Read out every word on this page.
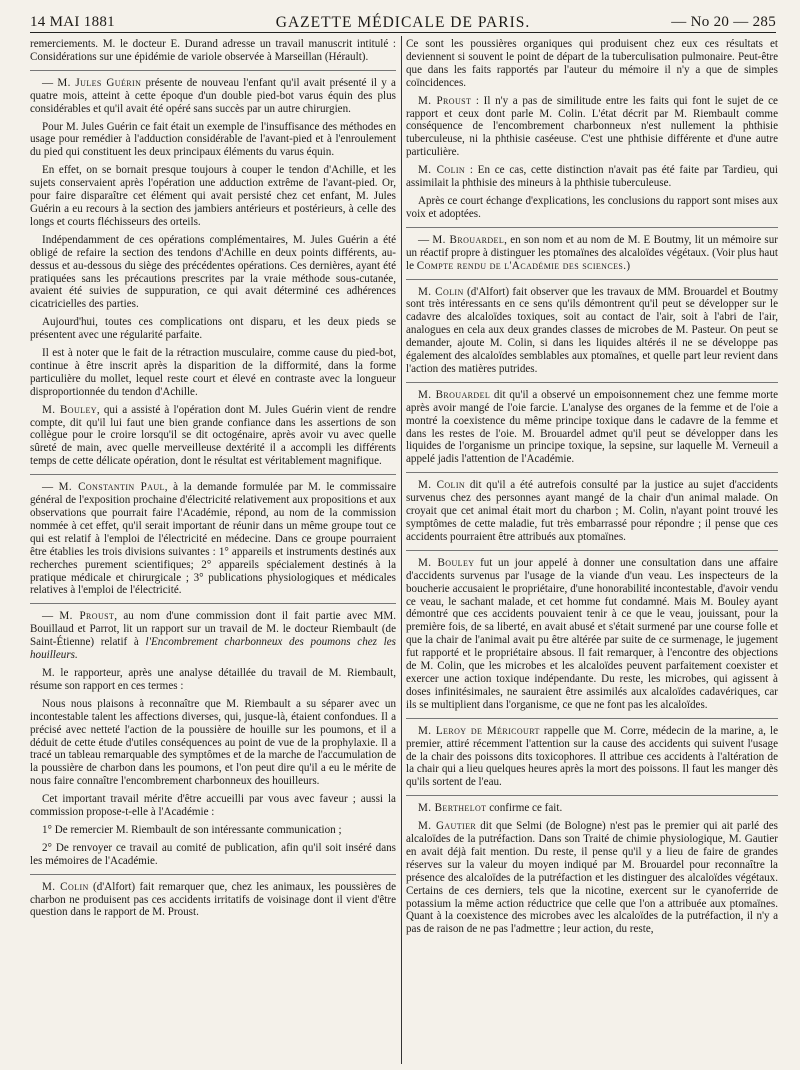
14 MAI 1881	GAZETTE MÉDICALE DE PARIS.	— No 20 — 285

remerciements. M. le docteur E. Durand adresse un travail manuscrit intitulé : Considérations sur une épidémie de variole observée à Marseillan (Hérault).

— M. Jules Guérin présente de nouveau l'enfant qu'il avait présenté il y a quatre mois, atteint à cette époque d'un double pied-bot varus équin des plus considérables et qu'il avait été opéré sans succès par un autre chirurgien.

Pour M. Jules Guérin ce fait était un exemple de l'insuffisance des méthodes en usage pour remédier à l'adduction considérable de l'avant-pied et à l'enroulement du pied qui constituent les deux principaux éléments du varus équin.

En effet, on se bornait presque toujours à couper le tendon d'Achille, et les sujets conservaient après l'opération une adduction extrême de l'avant-pied. Or, pour faire disparaître cet élément qui avait persisté chez cet enfant, M. Jules Guérin a eu recours à la section des jambiers antérieurs et postérieurs, à celle des longs et courts fléchisseurs des orteils.

Indépendamment de ces opérations complémentaires, M. Jules Guérin a été obligé de refaire la section des tendons d'Achille en deux points différents, au-dessus et au-dessous du siège des précédentes opérations. Ces dernières, ayant été pratiquées sans les précautions prescrites par la vraie méthode sous-cutanée, avaient été suivies de suppuration, ce qui avait déterminé ces adhérences cicatricielles des parties.

Aujourd'hui, toutes ces complications ont disparu, et les deux pieds se présentent avec une régularité parfaite.

Il est à noter que le fait de la rétraction musculaire, comme cause du pied-bot, continue à être inscrit après la disparition de la difformité, dans la forme particulière du mollet, lequel reste court et élevé en contraste avec la longueur disproportionnée du tendon d'Achille.

M. Bouley, qui a assisté à l'opération dont M. Jules Guérin vient de rendre compte, dit qu'il lui faut une bien grande confiance dans les assertions de son collègue pour le croire lorsqu'il se dit octogénaire, après avoir vu avec quelle sûreté de main, avec quelle merveilleuse dextérité il a accompli les différents temps de cette délicate opération, dont le résultat est véritablement magnifique.

— M. Constantin Paul, à la demande formulée par M. le commissaire général de l'exposition prochaine d'électricité relativement aux propositions et aux observations que pourrait faire l'Académie, répond, au nom de la commission nommée à cet effet, qu'il serait important de réunir dans un même groupe tout ce qui est relatif à l'emploi de l'électricité en médecine. Dans ce groupe pourraient être établies les trois divisions suivantes : 1° appareils et instruments destinés aux recherches purement scientifiques; 2° appareils spécialement destinés à la pratique médicale et chirurgicale ; 3° publications physiologiques et médicales relatives à l'emploi de l'électricité.

— M. Proust, au nom d'une commission dont il fait partie avec MM. Bouillaud et Parrot, lit un rapport sur un travail de M. le docteur Riembault (de Saint-Étienne) relatif à l'Encombrement charbonneux des poumons chez les houilleurs.

M. le rapporteur, après une analyse détaillée du travail de M. Riembault, résume son rapport en ces termes :

Nous nous plaisons à reconnaître que M. Riembault a su séparer avec un incontestable talent les affections diverses, qui, jusque-là, étaient confondues. Il a précisé avec netteté l'action de la poussière de houille sur les poumons, et il a déduit de cette étude d'utiles conséquences au point de vue de la prophylaxie. Il a tracé un tableau remarquable des symptômes et de la marche de l'accumulation de la poussière de charbon dans les poumons, et l'on peut dire qu'il a eu le mérite de nous faire connaître l'encombrement charbonneux des houilleurs.

Cet important travail mérite d'être accueilli par vous avec faveur ; aussi la commission propose-t-elle à l'Académie :

1° De remercier M. Riembault de son intéressante communication ;

2° De renvoyer ce travail au comité de publication, afin qu'il soit inséré dans les mémoires de l'Académie.

M. Colin (d'Alfort) fait remarquer que, chez les animaux, les poussières de charbon ne produisent pas ces accidents irritatifs de voisinage dont il vient d'être question dans le rapport de M. Proust.

Ce sont les poussières organiques qui produisent chez eux ces résultats et deviennent si souvent le point de départ de la tuberculisation pulmonaire. Peut-être que dans les faits rapportés par l'auteur du mémoire il n'y a que de simples coïncidences.

M. Proust : Il n'y a pas de similitude entre les faits qui font le sujet de ce rapport et ceux dont parle M. Colin. L'état décrit par M. Riembault comme conséquence de l'encombrement charbonneux n'est nullement la phthisie tuberculeuse, ni la phthisie caséeuse. C'est une phthisie différente et d'une autre particulière.

M. Colin : En ce cas, cette distinction n'avait pas été faite par Tardieu, qui assimilait la phthisie des mineurs à la phthisie tuberculeuse.

Après ce court échange d'explications, les conclusions du rapport sont mises aux voix et adoptées.

— M. Brouardel, en son nom et au nom de M. E Boutmy, lit un mémoire sur un réactif propre à distinguer les ptomaïnes des alcaloïdes végétaux. (Voir plus haut le Compte rendu de l'Académie des sciences.)

M. Colin (d'Alfort) fait observer que les travaux de MM. Brouardel et Boutmy sont très intéressants en ce sens qu'ils démontrent qu'il peut se développer sur le cadavre des alcaloïdes toxiques, soit au contact de l'air, soit à l'abri de l'air, analogues en cela aux deux grandes classes de microbes de M. Pasteur. On peut se demander, ajoute M. Colin, si dans les liquides altérés il ne se développe pas également des alcaloïdes semblables aux ptomaïnes, et quelle part leur revient dans l'action des matières putrides.

M. Brouardel dit qu'il a observé un empoisonnement chez une femme morte après avoir mangé de l'oie farcie. L'analyse des organes de la femme et de l'oie a montré la coexistence du même principe toxique dans le cadavre de la femme et dans les restes de l'oie. M. Brouardel admet qu'il peut se développer dans les liquides de l'organisme un principe toxique, la sepsine, sur laquelle M. Verneuil a appelé jadis l'attention de l'Académie.

M. Colin dit qu'il a été autrefois consulté par la justice au sujet d'accidents survenus chez des personnes ayant mangé de la chair d'un animal malade. On croyait que cet animal était mort du charbon ; M. Colin, n'ayant point trouvé les symptômes de cette maladie, fut très embarrassé pour répondre ; il pense que ces accidents pourraient être attribués aux ptomaïnes.

M. Bouley fut un jour appelé à donner une consultation dans une affaire d'accidents survenus par l'usage de la viande d'un veau. Les inspecteurs de la boucherie accusaient le propriétaire, d'une honorabilité incontestable, d'avoir vendu ce veau, le sachant malade, et cet homme fut condamné. Mais M. Bouley ayant démontré que ces accidents pouvaient tenir à ce que le veau, jouissant, pour la première fois, de sa liberté, en avait abusé et s'était surmené par une course folle et que la chair de l'animal avait pu être altérée par suite de ce surmenage, le jugement fut rapporté et le propriétaire absous. Il fait remarquer, à l'encontre des objections de M. Colin, que les microbes et les alcaloïdes peuvent parfaitement coexister et exercer une action toxique indépendante. Du reste, les microbes, qui agissent à doses infinitésimales, ne sauraient être assimilés aux alcaloïdes cadavériques, car ils se multiplient dans l'organisme, ce que ne font pas les alcaloïdes.

M. Leroy de Méricourt rappelle que M. Corre, médecin de la marine, a, le premier, attiré récemment l'attention sur la cause des accidents qui suivent l'usage de la chair des poissons dits toxicophores. Il attribue ces accidents à l'altération de la chair qui a lieu quelques heures après la mort des poissons. Il faut les manger dès qu'ils sortent de l'eau.

M. Berthelot confirme ce fait.

M. Gautier dit que Selmi (de Bologne) n'est pas le premier qui ait parlé des alcaloïdes de la putréfaction. Dans son Traité de chimie physiologique, M. Gautier en avait déjà fait mention. Du reste, il pense qu'il y a lieu de faire de grandes réserves sur la valeur du moyen indiqué par M. Brouardel pour reconnaître la présence des alcaloïdes de la putréfaction et les distinguer des alcaloïdes végétaux. Certains de ces derniers, tels que la nicotine, exercent sur le cyanoferride de potassium la même action réductrice que celle que l'on a attribuée aux ptomaïnes. Quant à la coexistence des microbes avec les alcaloïdes de la putréfaction, il n'y a pas de raison de ne pas l'admettre ; leur action, du reste,
